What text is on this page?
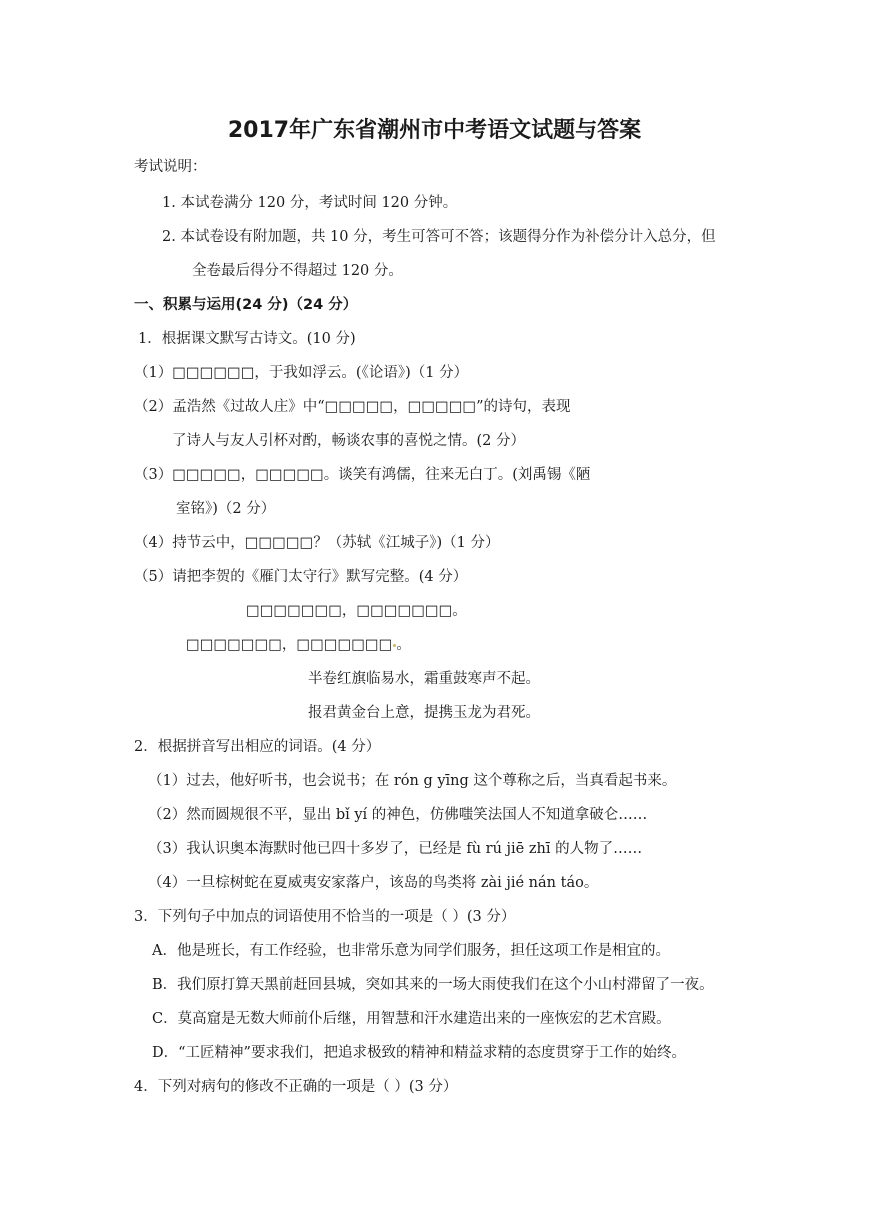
2017年广东省潮州市中考语文试题与答案
考试说明：
1. 本试卷满分 120 分，考试时间 120 分钟。
2. 本试卷设有附加题，共 10 分，考生可答可不答；该题得分作为补偿分计入总分，但
全卷最后得分不得超过 120 分。
一、积累与运用(24 分)（24 分）
1．根据课文默写古诗文。(10 分)
（1）□□□□□□，于我如浮云。(《论语》)（1 分）
（2）孟浩然《过故人庄》中“□□□□□，□□□□□”的诗句，表现
了诗人与友人引杯对酌，畅谈农事的喜悦之情。(2 分）
（3）□□□□□，□□□□□。谈笑有鸿儒，往来无白丁。(刘禹锡《陋
室铭》)（2 分）
（4）持节云中，□□□□□？（苏轼《江城子》)（1 分）
（5）请把李贺的《雁门太守行》默写完整。(4 分）
□□□□□□□，□□□□□□□。
□□□□□□□，□□□□□□□ 。
半卷红旗临易水，霜重鼓寒声不起。
报君黄金台上意，提携玉龙为君死。
2．根据拼音写出相应的词语。(4 分）
（1）过去，他好听书，也会说书；在 rón g yīng 这个尊称之后，当真看起书来。
（2）然而圆规很不平，显出 bǐ yí 的神色，仿佛嗤笑法国人不知道拿破仑……
（3）我认识奥本海默时他已四十多岁了，已经是 fù rú jiē zhī 的人物了……
（4）一旦棕树蛇在夏威夷安家落户，该岛的鸟类将 zài jié nán táo。
3．下列句子中加点的词语使用不恰当的一项是（ ）(3 分）
A．他是班长，有工作经验，也非常乐意为同学们服务，担任这项工作是相宜的。
B．我们原打算天黑前赶回县城，突如其来的一场大雨使我们在这个小山村滞留了一夜。
C．莫高窟是无数大师前仆后继，用智慧和汗水建造出来的一座恢宏的艺术宫殿。
D．“工匠精神”要求我们，把追求极致的精神和精益求精的态度贯穿于工作的始终。
4．下列对病句的修改不正确的一项是（ ）(3 分）
